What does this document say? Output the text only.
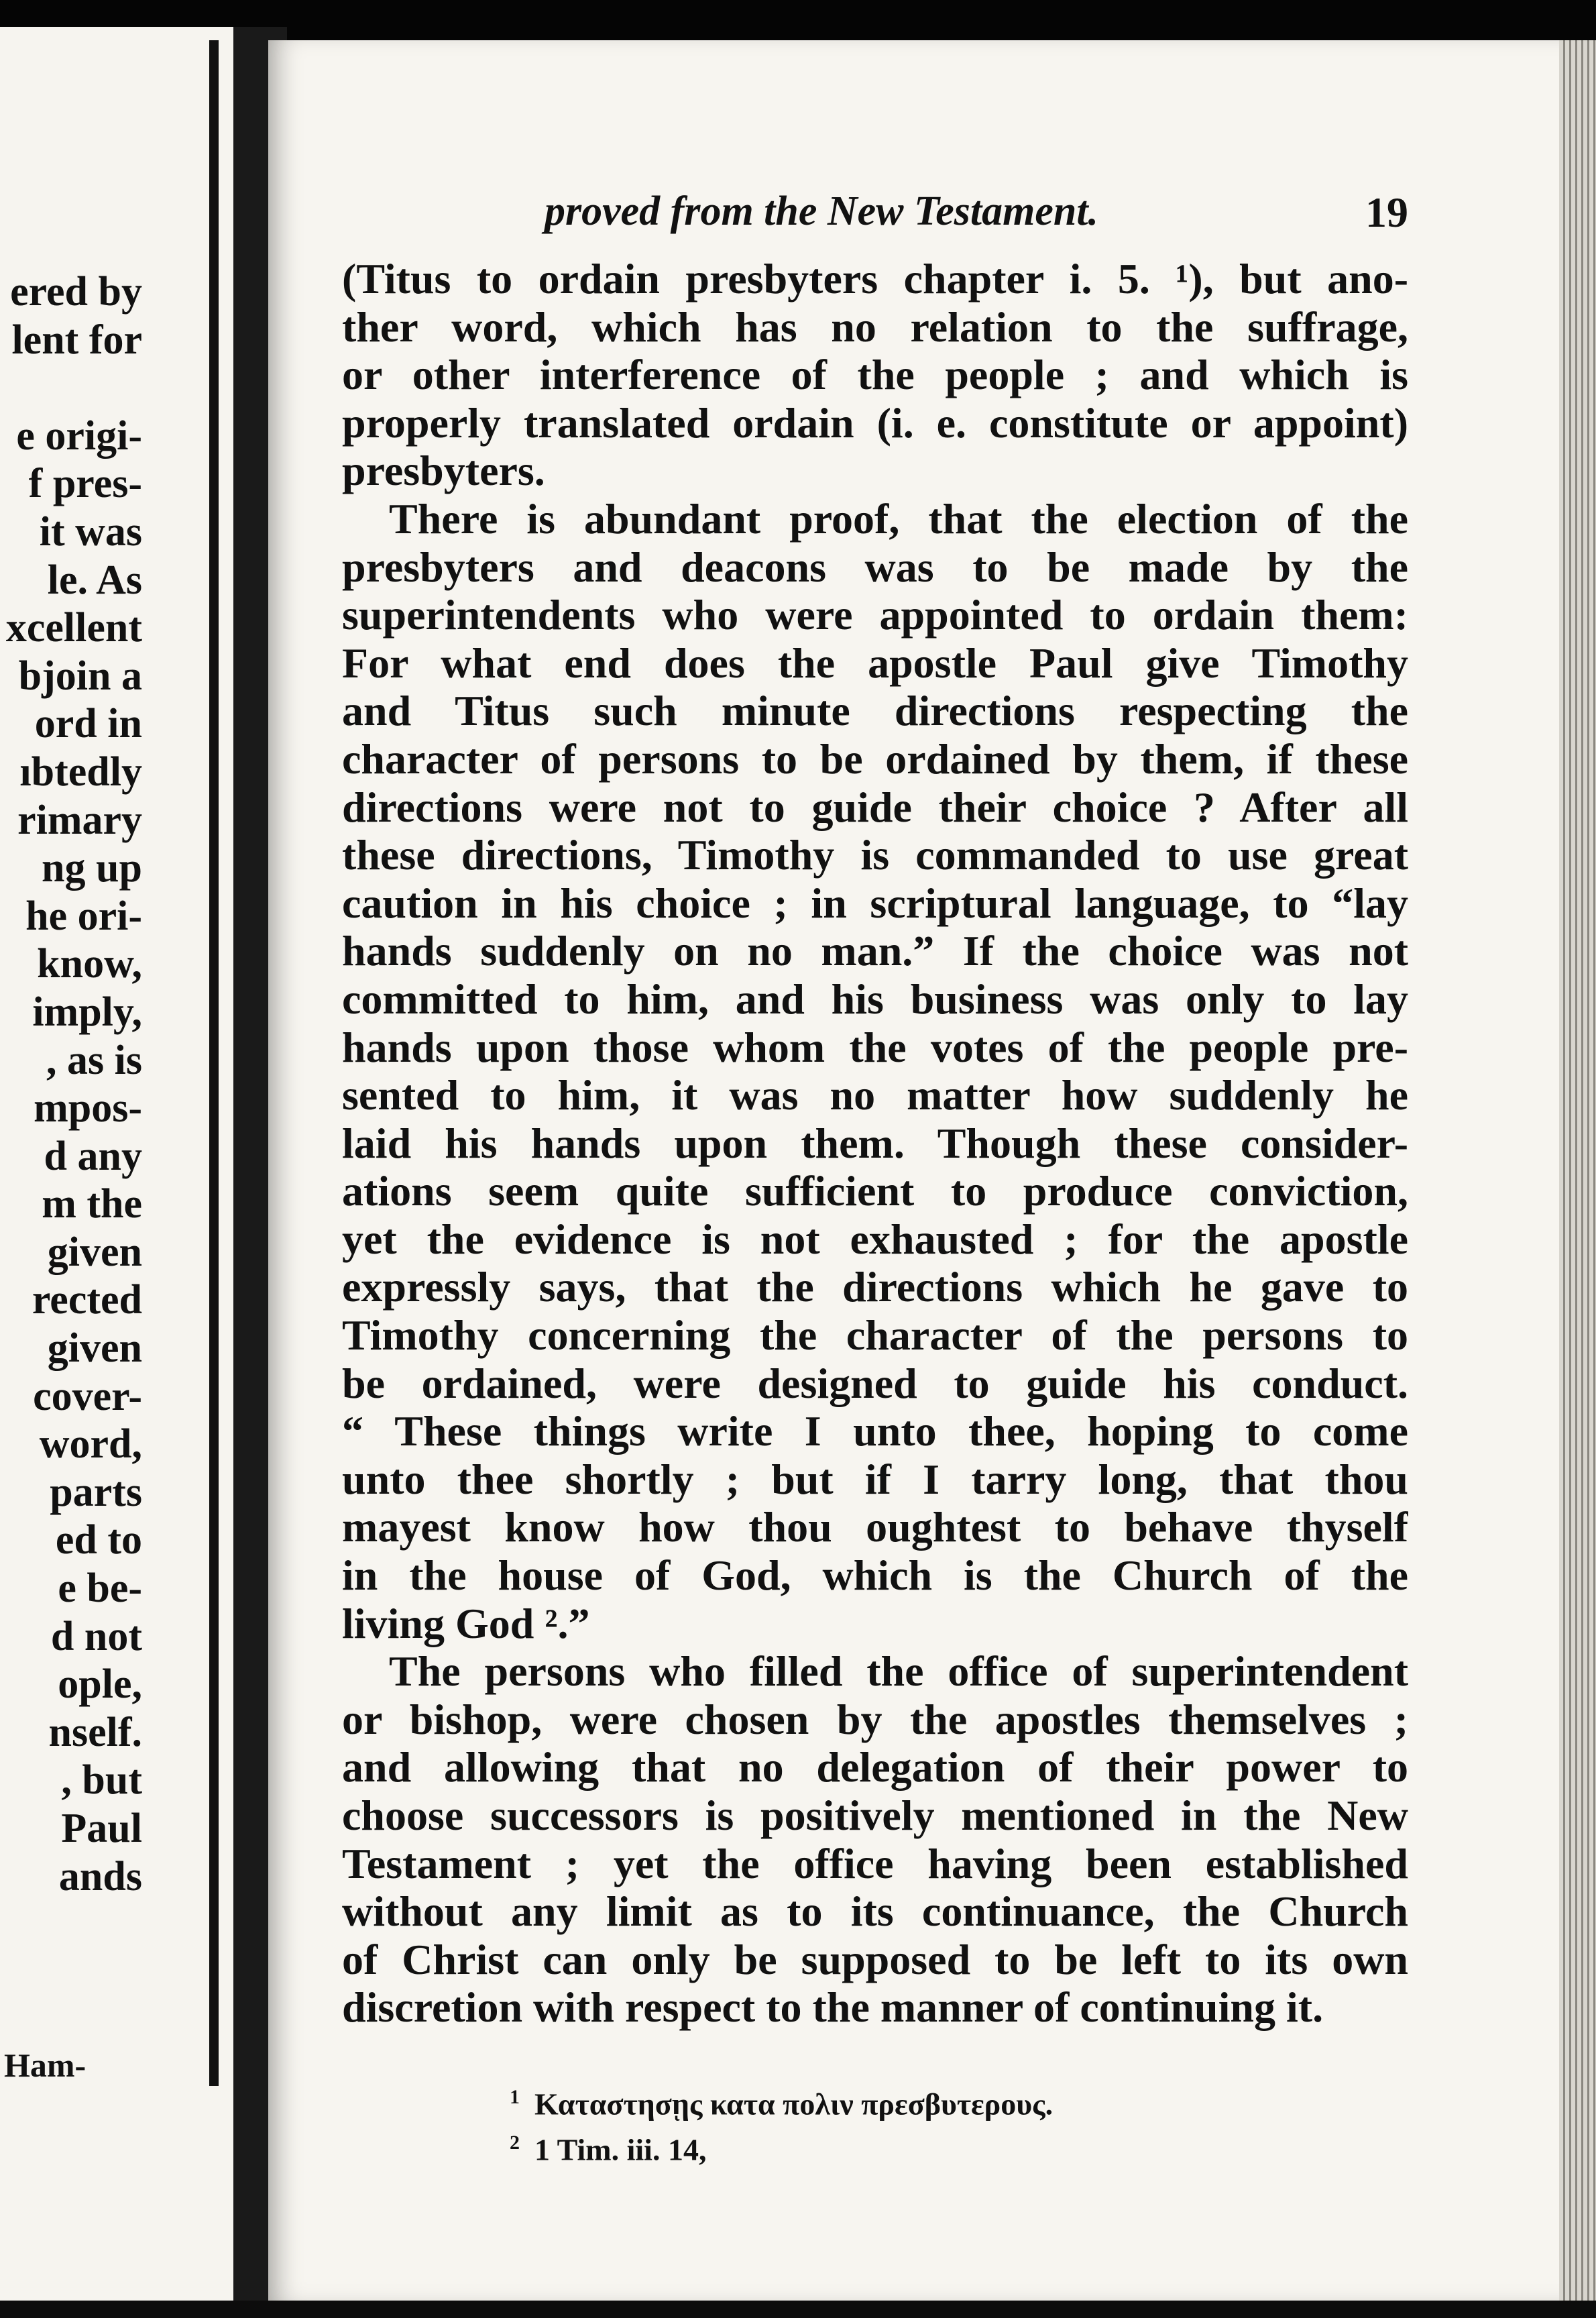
ered by
lent for

e origi-
f pres-
it was
le. As
xcellent
bjoin a
ord in
ıbtedly
rimary
ng up
he ori-
know,
imply,
, as is
mpos-
d any
m the
given
rected
given
cover-
word,
parts
ed to
e be-
d not
ople,
nself.
, but
Paul
ands
Ham-
proved from the New Testament.	19
(Titus to ordain presbyters chapter i. 5. ¹), but ano-
ther word, which has no relation to the suffrage,
or other interference of the people ; and which is
properly translated ordain (i. e. constitute or appoint)
presbyters.
There is abundant proof, that the election of the
presbyters and deacons was to be made by the
superintendents who were appointed to ordain them:
For what end does the apostle Paul give Timothy
and Titus such minute directions respecting the
character of persons to be ordained by them, if these
directions were not to guide their choice ? After all
these directions, Timothy is commanded to use great
caution in his choice ; in scriptural language, to “lay
hands suddenly on no man.” If the choice was not
committed to him, and his business was only to lay
hands upon those whom the votes of the people pre-
sented to him, it was no matter how suddenly he
laid his hands upon them. Though these consider-
ations seem quite sufficient to produce conviction,
yet the evidence is not exhausted ; for the apostle
expressly says, that the directions which he gave to
Timothy concerning the character of the persons to
be ordained, were designed to guide his conduct.
“ These things write I unto thee, hoping to come
unto thee shortly ; but if I tarry long, that thou
mayest know how thou oughtest to behave thyself
in the house of God, which is the Church of the
living God ².”
The persons who filled the office of superintendent
or bishop, were chosen by the apostles themselves ;
and allowing that no delegation of their power to
choose successors is positively mentioned in the New
Testament ; yet the office having been established
without any limit as to its continuance, the Church
of Christ can only be supposed to be left to its own
discretion with respect to the manner of continuing it.
$^1$ Καταστησῃς κατα πολιν πρεσβυτερους.
$^2$ 1 Tim. iii. 14,
